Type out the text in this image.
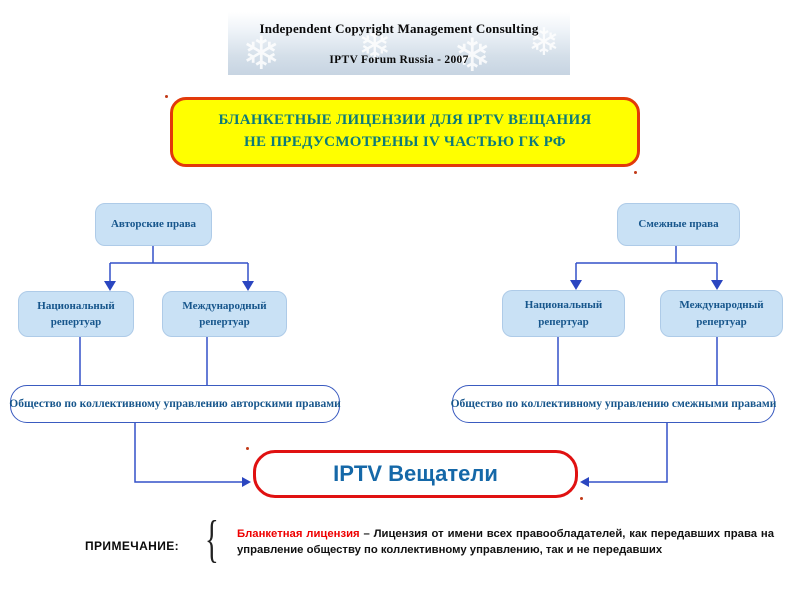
❄ ❄ ❄ ❄
Independent Copyright Management Consulting
IPTV Forum Russia - 2007
БЛАНКЕТНЫЕ ЛИЦЕНЗИИ ДЛЯ IPTV ВЕЩАНИЯ
НЕ ПРЕДУСМОТРЕНЫ IV ЧАСТЬЮ ГК РФ
Авторские права	Смежные права
Национальный репертуар
Международный репертуар
Национальный репертуар
Международный репертуар
Общество по коллективному управлению авторскими правами	Общество по коллективному управлению смежными правами
IPTV Вещатели
ПРИМЕЧАНИЕ: { Бланкетная лицензия – Лицензия от имени всех правообладателей, как передавших права на управление обществу по коллективному управлению, так и не передавших
